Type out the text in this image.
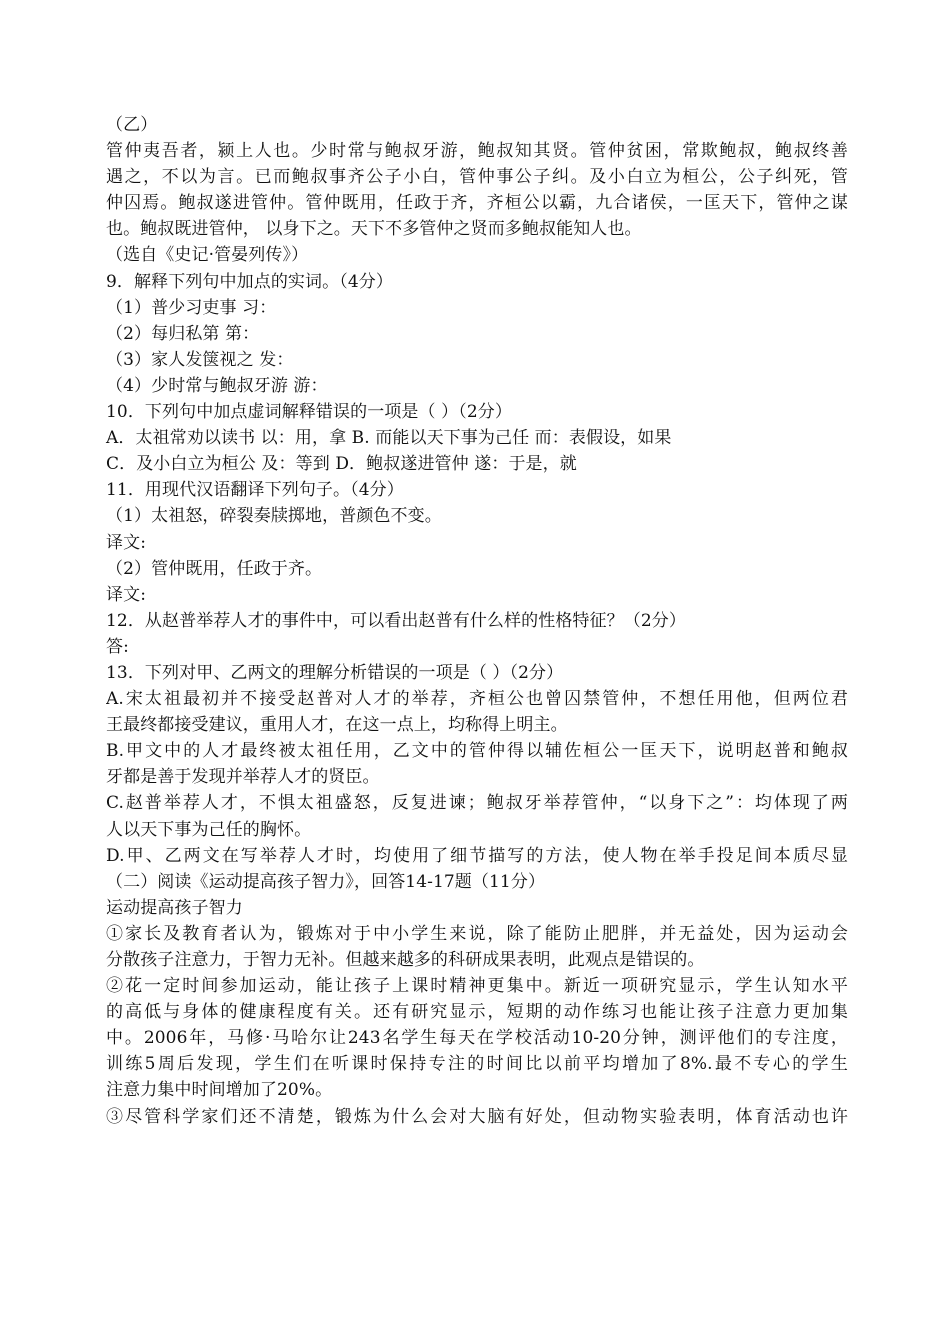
（乙）
管仲夷吾者，颍上人也。少时常与鲍叔牙游，鲍叔知其贤。管仲贫困，常欺鲍叔，鲍叔终善
遇之，不以为言。已而鲍叔事齐公子小白，管仲事公子纠。及小白立为桓公，公子纠死，管
仲囚焉。鲍叔遂进管仲。管仲既用，任政于齐，齐桓公以霸，九合诸侯，一匡天下，管仲之谋
也。鲍叔既进管仲， 以身下之。天下不多管仲之贤而多鲍叔能知人也。
（选自《史记·管晏列传》）
9．解释下列句中加点的实词。（4分）
（1）普少习吏事 习：
（2）每归私第 第：
（3）家人发箧视之 发：
（4）少时常与鲍叔牙游 游：
10．下列句中加点虚词解释错误的一项是（ ）（2分）
A．太祖常劝以读书 以：用，拿 B. 而能以天下事为己任 而：表假设，如果
C．及小白立为桓公 及：等到 D．鲍叔遂进管仲 遂：于是，就
11．用现代汉语翻译下列句子。（4分）
（1）太祖怒，碎裂奏牍掷地，普颜色不变。
译文:
（2）管仲既用，任政于齐。
译文:
12．从赵普举荐人才的事件中，可以看出赵普有什么样的性格特征？（2分）
答:
13．下列对甲、乙两文的理解分析错误的一项是（ ）（2分）
A.宋太祖最初并不接受赵普对人才的举荐，齐桓公也曾囚禁管仲，不想任用他，但两位君
王最终都接受建议，重用人才，在这一点上，均称得上明主。
B.甲文中的人才最终被太祖任用，乙文中的管仲得以辅佐桓公一匡天下，说明赵普和鲍叔
牙都是善于发现并举荐人才的贤臣。
C.赵普举荐人才，不惧太祖盛怒，反复进谏；鲍叔牙举荐管仲，“以身下之”：均体现了两
人以天下事为己任的胸怀。
D.甲、乙两文在写举荐人才时，均使用了细节描写的方法，使人物在举手投足间本质尽显
（二）阅读《运动提高孩子智力》，回答14-17题（11分）
运动提高孩子智力
①家长及教育者认为，锻炼对于中小学生来说，除了能防止肥胖，并无益处，因为运动会
分散孩子注意力，于智力无补。但越来越多的科研成果表明，此观点是错误的。
②花一定时间参加运动，能让孩子上课时精神更集中。新近一项研究显示，学生认知水平
的高低与身体的健康程度有关。还有研究显示，短期的动作练习也能让孩子注意力更加集
中。2006年，马修·马哈尔让243名学生每天在学校活动10-20分钟，测评他们的专注度，
训练5周后发现，学生们在听课时保持专注的时间比以前平均增加了8%.最不专心的学生
注意力集中时间增加了20%。
③尽管科学家们还不清楚，锻炼为什么会对大脑有好处，但动物实验表明，体育活动也许
